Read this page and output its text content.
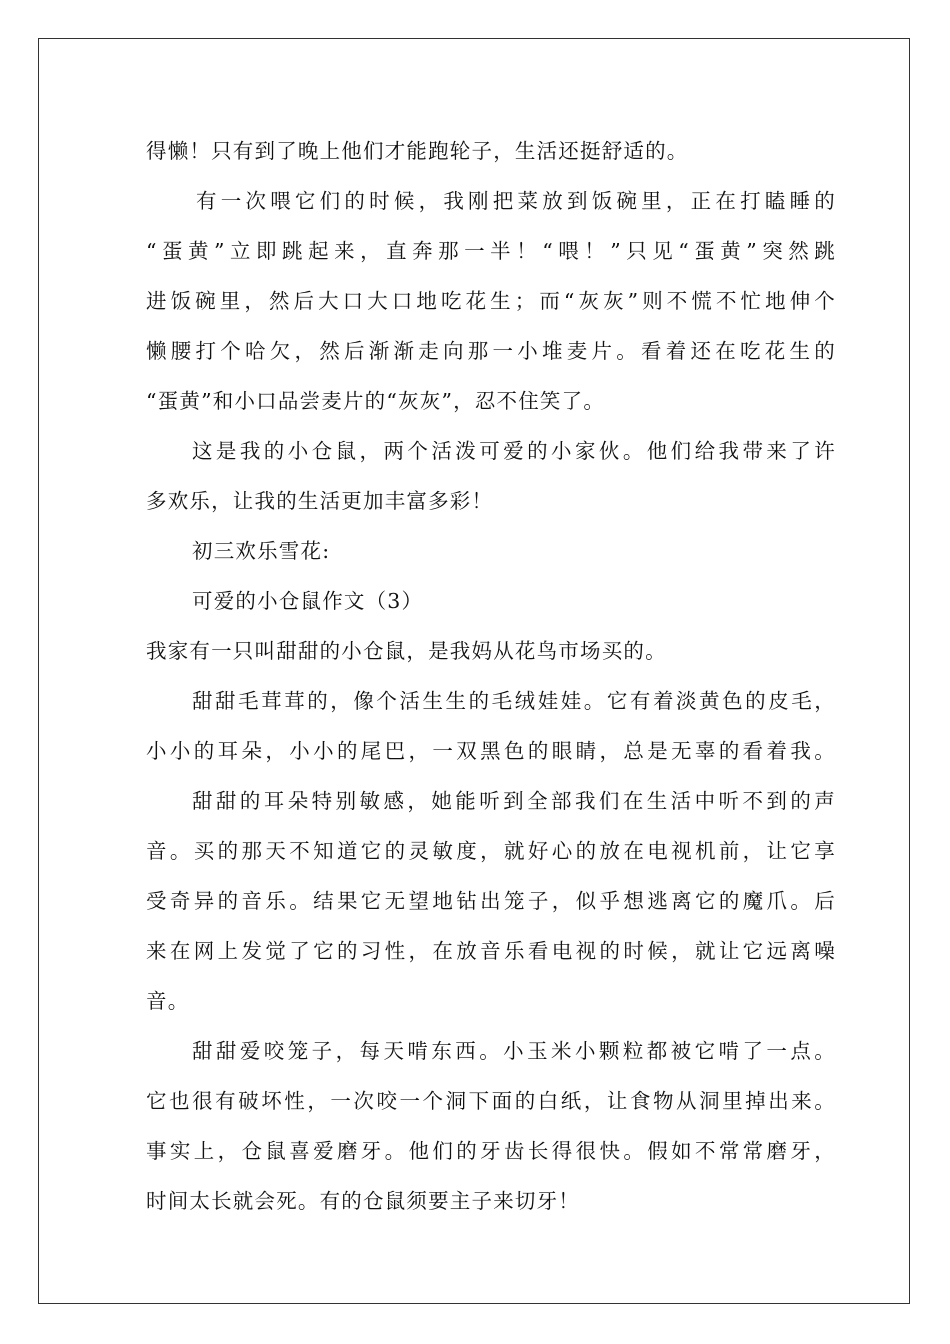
得懒！只有到了晚上他们才能跑轮子，生活还挺舒适的。
有一次喂它们的时候，我刚把菜放到饭碗里，正在打瞌睡的
“蛋黄”立即跳起来，直奔那一半！“喂！”只见“蛋黄”突然跳
进饭碗里，然后大口大口地吃花生；而“灰灰”则不慌不忙地伸个
懒腰打个哈欠，然后渐渐走向那一小堆麦片。看着还在吃花生的
“蛋黄”和小口品尝麦片的“灰灰”，忍不住笑了。
这是我的小仓鼠，两个活泼可爱的小家伙。他们给我带来了许
多欢乐，让我的生活更加丰富多彩！
初三欢乐雪花:
可爱的小仓鼠作文（3）
我家有一只叫甜甜的小仓鼠，是我妈从花鸟市场买的。
甜甜毛茸茸的，像个活生生的毛绒娃娃。它有着淡黄色的皮毛，
小小的耳朵，小小的尾巴，一双黑色的眼睛，总是无辜的看着我。
甜甜的耳朵特别敏感，她能听到全部我们在生活中听不到的声
音。买的那天不知道它的灵敏度，就好心的放在电视机前，让它享
受奇异的音乐。结果它无望地钻出笼子，似乎想逃离它的魔爪。后
来在网上发觉了它的习性，在放音乐看电视的时候，就让它远离噪
音。
甜甜爱咬笼子，每天啃东西。小玉米小颗粒都被它啃了一点。
它也很有破坏性，一次咬一个洞下面的白纸，让食物从洞里掉出来。
事实上，仓鼠喜爱磨牙。他们的牙齿长得很快。假如不常常磨牙，
时间太长就会死。有的仓鼠须要主子来切牙！
